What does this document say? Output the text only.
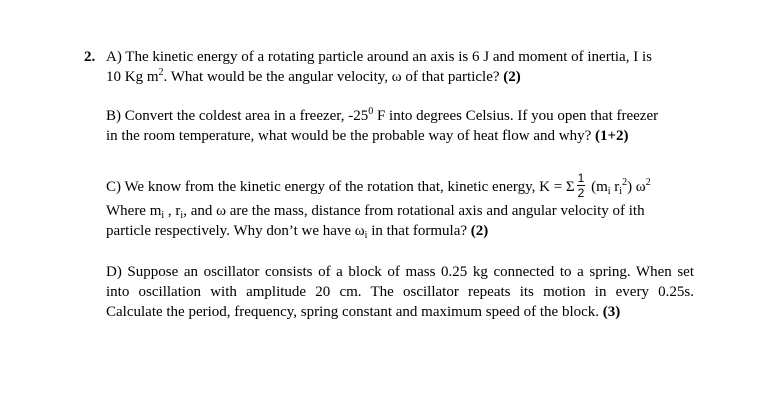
2. A) The kinetic energy of a rotating particle around an axis is 6 J and moment of inertia, I is
10 Kg $m^2$. What would be the angular velocity, ω of that particle? (2)
B) Convert the coldest area in a freezer, $-25^0$ F into degrees Celsius. If you open that freezer
in the room temperature, what would be the probable way of heat flow and why? (1+2)
C) We know from the kinetic energy of the rotation that, kinetic energy, K = Σ $\frac{1}{2} (m_i$ $r_i^2$) $\omega^2$
Where $m_i$ , $r_i$, and ω are the mass, distance from rotational axis and angular velocity of ith
particle respectively. Why don’t we have $\omega_i$ in that formula? (2)
D) Suppose an oscillator consists of a block of mass 0.25 kg connected to a spring. When set
into oscillation with amplitude 20 cm. The oscillator repeats its motion in every 0.25s.
Calculate the period, frequency, spring constant and maximum speed of the block. (3)
